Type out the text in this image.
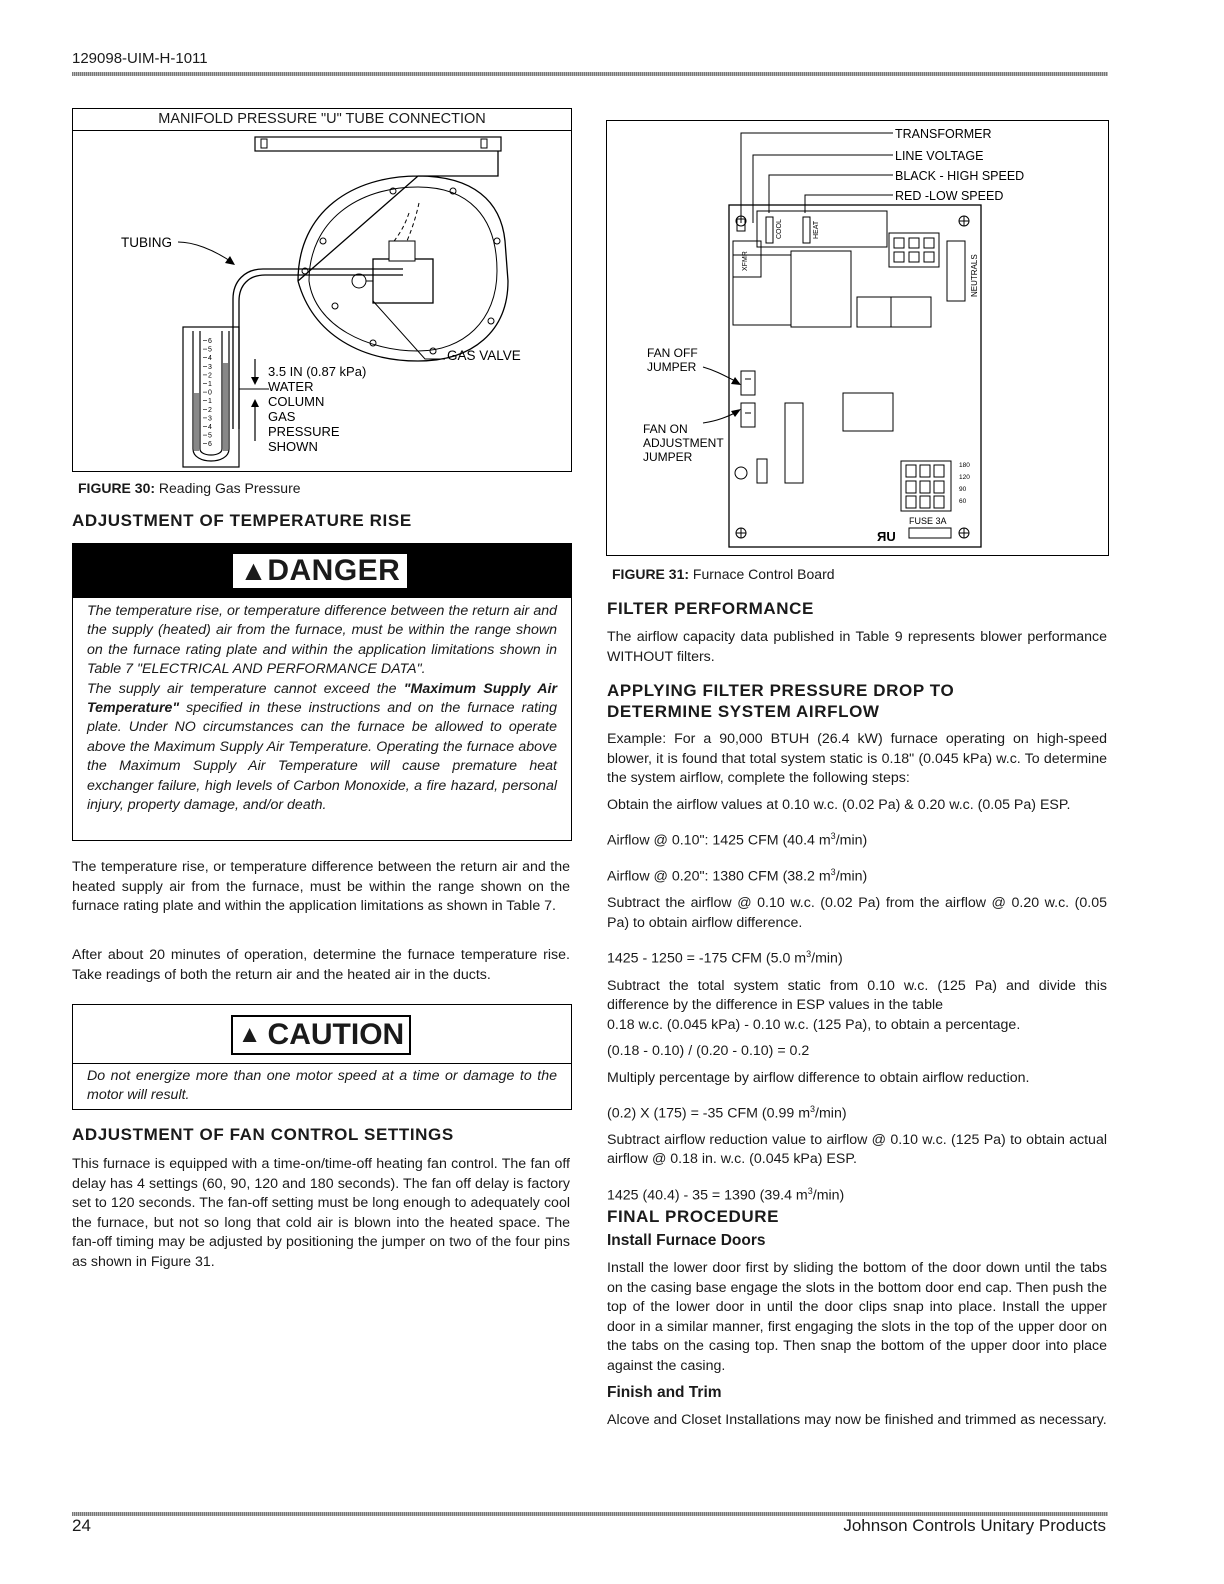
129098-UIM-H-1011
MANIFOLD PRESSURE "U" TUBE CONNECTION
TUBING
GAS VALVE
6
5
4
3
2
1
0
1
2
3
4
5
6
3.5 IN (0.87 kPa)
WATER
COLUMN
GAS
PRESSURE
SHOWN
FIGURE 30: Reading Gas Pressure
ADJUSTMENT OF TEMPERATURE RISE
▲ DANGER

The temperature rise, or temperature difference between the return air and the supply (heated) air from the furnace, must be within the range shown on the furnace rating plate and within the application limitations shown in Table 7 "ELECTRICAL AND PERFORMANCE DATA".

The supply air temperature cannot exceed the "Maximum Supply Air Temperature" specified in these instructions and on the furnace rating plate. Under NO circumstances can the furnace be allowed to operate above the Maximum Supply Air Temperature. Operating the furnace above the Maximum Supply Air Temperature will cause premature heat exchanger failure, high levels of Carbon Monoxide, a fire hazard, personal injury, property damage, and/or death.

The temperature rise, or temperature difference between the return air and the heated supply air from the furnace, must be within the range shown on the furnace rating plate and within the application limitations as shown in Table 7.

After about 20 minutes of operation, determine the furnace temperature rise. Take readings of both the return air and the heated air in the ducts.

▲ CAUTION

Do not energize more than one motor speed at a time or damage to the motor will result.

ADJUSTMENT OF FAN CONTROL SETTINGS

This furnace is equipped with a time-on/time-off heating fan control. The fan off delay has 4 settings (60, 90, 120 and 180 seconds). The fan off delay is factory set to 120 seconds. The fan-off setting must be long enough to adequately cool the furnace, but not so long that cold air is blown into the heated space. The fan-off timing may be adjusted by positioning the jumper on two of the four pins as shown in Figure 31.

TRANSFORMER
LINE VOLTAGE
BLACK - HIGH SPEED
RED -LOW SPEED
COOL	HEAT
XFMR	NEUTRALS
FAN OFF
JUMPER
FAN ON
ADJUSTMENT
JUMPER
180
120
90
60
FUSE 3A
ЯU
FIGURE 31: Furnace Control Board
FILTER PERFORMANCE

The airflow capacity data published in Table 9 represents blower performance WITHOUT filters.

APPLYING FILTER PRESSURE DROP TO
DETERMINE SYSTEM AIRFLOW

Example: For a 90,000 BTUH (26.4 kW) furnace operating on high-speed blower, it is found that total system static is 0.18" (0.045 kPa) w.c. To determine the system airflow, complete the following steps:

Obtain the airflow values at 0.10 w.c. (0.02 Pa) & 0.20 w.c. (0.05 Pa) ESP.

Airflow @ 0.10": 1425 CFM (40.4 $m^3/\min$)

Airflow @ 0.20": 1380 CFM (38.2 $m^3/\min$)

Subtract the airflow @ 0.10 w.c. (0.02 Pa) from the airflow @ 0.20 w.c. (0.05 Pa) to obtain airflow difference.

1425 - 1250 = -175 CFM (5.0 $m^3/\min$)

Subtract the total system static from 0.10 w.c. (125 Pa) and divide this difference by the difference in ESP values in the table

0.18 w.c. (0.045 kPa) - 0.10 w.c. (125 Pa), to obtain a percentage.

(0.18 - 0.10) / (0.20 - 0.10) = 0.2

Multiply percentage by airflow difference to obtain airflow reduction.

(0.2) X (175) = -35 CFM (0.99 $m^3/\min$)

Subtract airflow reduction value to airflow @ 0.10 w.c. (125 Pa) to obtain actual airflow @ 0.18 in. w.c. (0.045 kPa) ESP.

1425 (40.4) - 35 = 1390 (39.4 $m^3/\min$)

FINAL PROCEDURE
Install Furnace Doors

Install the lower door first by sliding the bottom of the door down until the tabs on the casing base engage the slots in the bottom door end cap. Then push the top of the lower door in until the door clips snap into place. Install the upper door in a similar manner, first engaging the slots in the top of the upper door on the tabs on the casing top. Then snap the bottom of the upper door into place against the casing.

Finish and Trim

Alcove and Closet Installations may now be finished and trimmed as necessary.

24	Johnson Controls Unitary Products
